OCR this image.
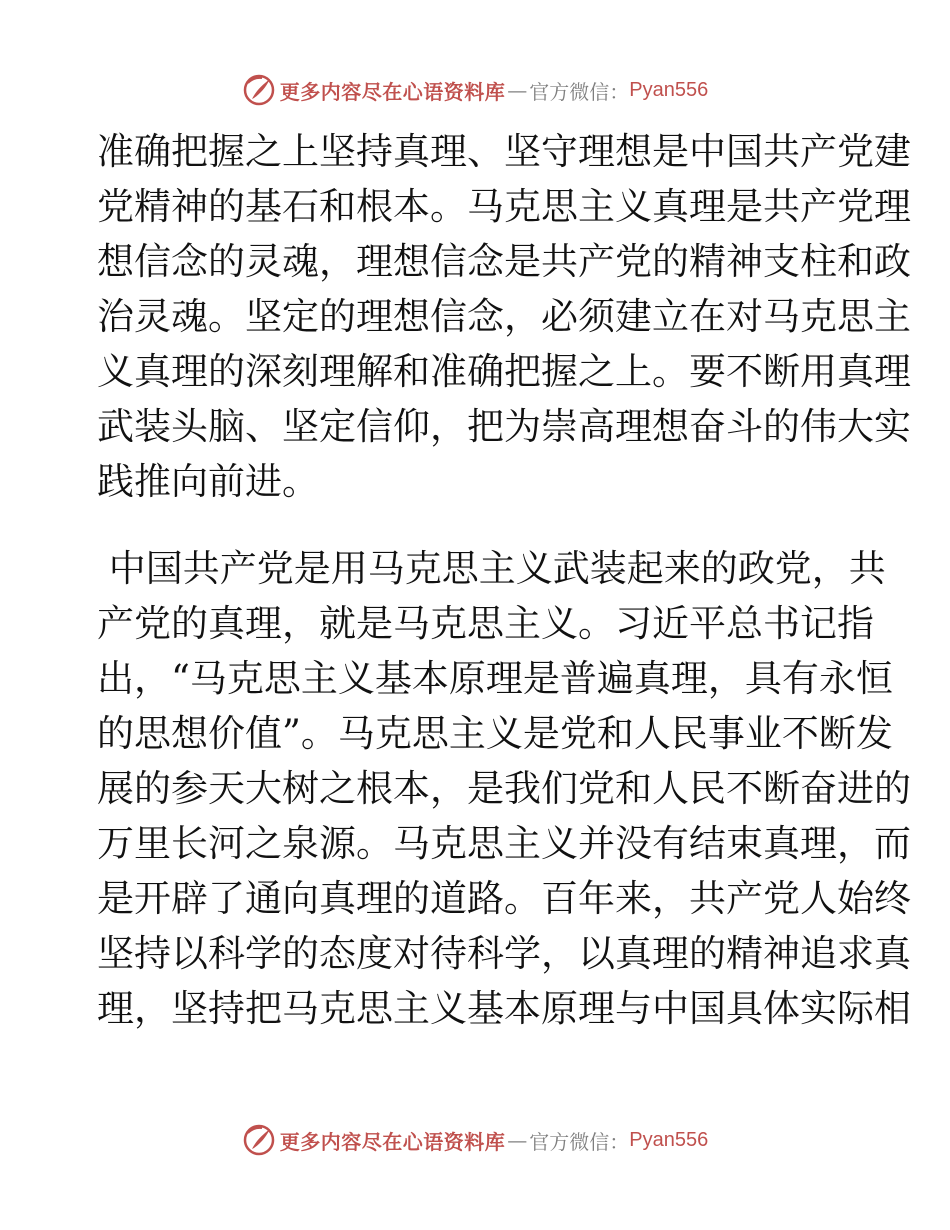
更多内容尽在心语资料库 — 官方微信： Pyan556
准确把握之上坚持真理、坚守理想是中国共产党建
党精神的基石和根本。马克思主义真理是共产党理
想信念的灵魂，理想信念是共产党的精神支柱和政
治灵魂。坚定的理想信念，必须建立在对马克思主
义真理的深刻理解和准确把握之上。要不断用真理
武装头脑、坚定信仰，把为崇高理想奋斗的伟大实
践推向前进。
中国共产党是用马克思主义武装起来的政党，共
产党的真理，就是马克思主义。习近平总书记指
出，“马克思主义基本原理是普遍真理，具有永恒
的思想价值”。马克思主义是党和人民事业不断发
展的参天大树之根本，是我们党和人民不断奋进的
万里长河之泉源。马克思主义并没有结束真理，而
是开辟了通向真理的道路。百年来，共产党人始终
坚持以科学的态度对待科学，以真理的精神追求真
理，坚持把马克思主义基本原理与中国具体实际相
更多内容尽在心语资料库 — 官方微信： Pyan556
